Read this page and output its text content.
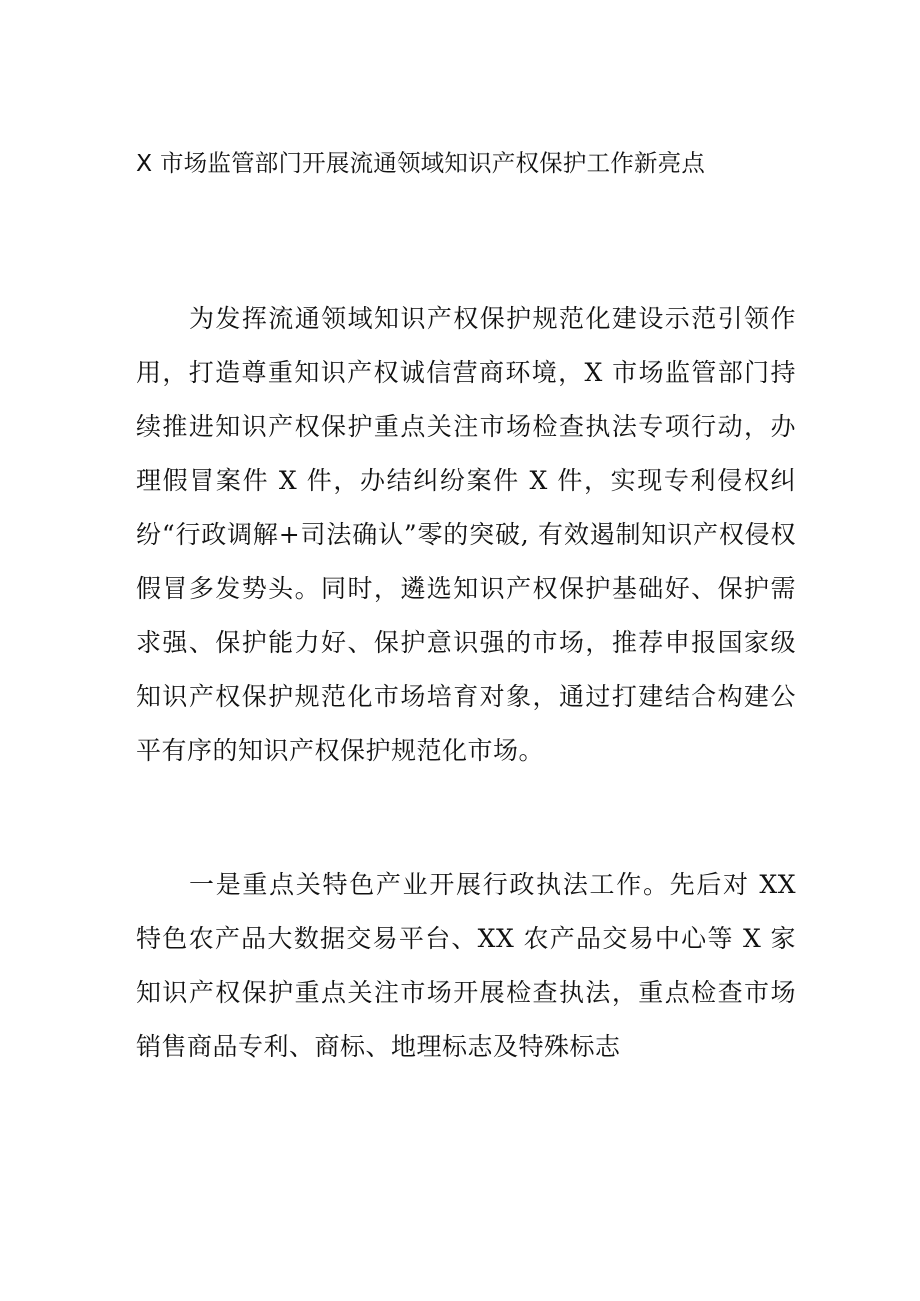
X 市场监管部门开展流通领域知识产权保护工作新亮点

为发挥流通领域知识产权保护规范化建设示范引领作用，打造尊重知识产权诚信营商环境，X 市场监管部门持续推进知识产权保护重点关注市场检查执法专项行动，办理假冒案件 X 件，办结纠纷案件 X 件，实现专利侵权纠纷“行政调解+司法确认”零的突破, 有效遏制知识产权侵权假冒多发势头。同时，遴选知识产权保护基础好、保护需求强、保护能力好、保护意识强的市场，推荐申报国家级知识产权保护规范化市场培育对象，通过打建结合构建公平有序的知识产权保护规范化市场。

一是重点关特色产业开展行政执法工作。先后对 XX 特色农产品大数据交易平台、XX 农产品交易中心等 X 家知识产权保护重点关注市场开展检查执法，重点检查市场销售商品专利、商标、地理标志及特殊标志
